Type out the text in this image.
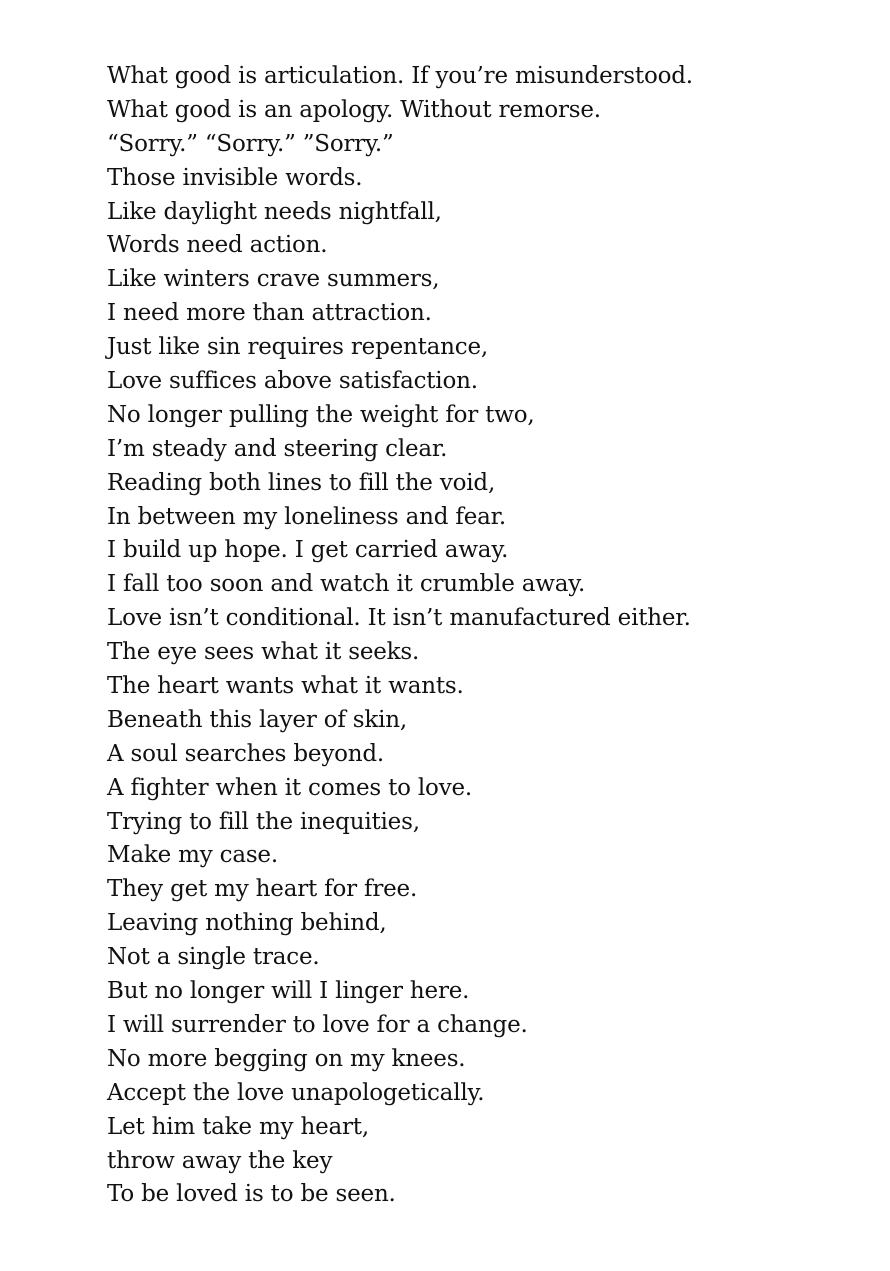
What good is articulation. If you’re misunderstood.
What good is an apology. Without remorse.
“Sorry.” “Sorry.” ”Sorry.”
Those invisible words.
Like daylight needs nightfall,
Words need action.
Like winters crave summers,
I need more than attraction.
Just like sin requires repentance,
Love suffices above satisfaction.
No longer pulling the weight for two,
I’m steady and steering clear.
Reading both lines to fill the void,
In between my loneliness and fear.
I build up hope. I get carried away.
I fall too soon and watch it crumble away.
Love isn’t conditional. It isn’t manufactured either.
The eye sees what it seeks.
The heart wants what it wants.
Beneath this layer of skin,
A soul searches beyond.
A fighter when it comes to love.
Trying to fill the inequities,
Make my case.
They get my heart for free.
Leaving nothing behind,
Not a single trace.
But no longer will I linger here.
I will surrender to love for a change.
No more begging on my knees.
Accept the love unapologetically.
Let him take my heart,
throw away the key
To be loved is to be seen.
